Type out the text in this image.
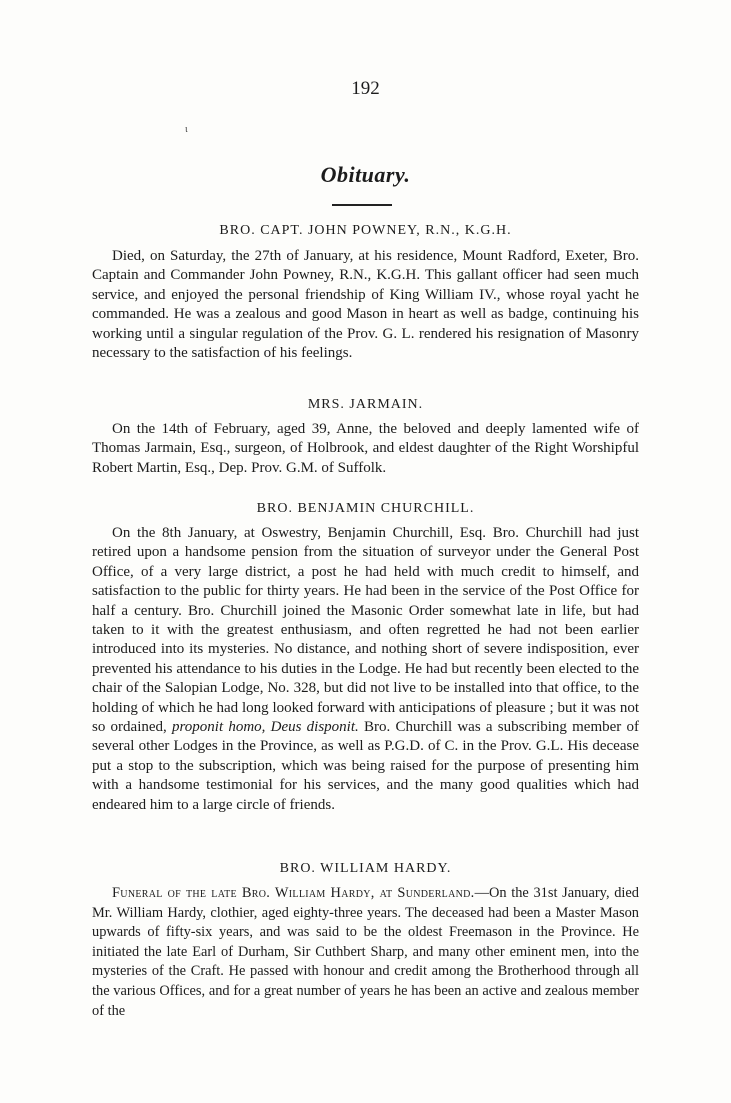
192
ι
Obituary.

BRO. CAPT. JOHN POWNEY, R.N., K.G.H.

Died, on Saturday, the 27th of January, at his residence, Mount Radford, Exeter, Bro. Captain and Commander John Powney, R.N., K.G.H. This gallant officer had seen much service, and enjoyed the personal friendship of King William IV., whose royal yacht he commanded. He was a zealous and good Mason in heart as well as badge, continuing his working until a singular regulation of the Prov. G. L. rendered his resignation of Masonry necessary to the satisfaction of his feelings.

MRS. JARMAIN.

On the 14th of February, aged 39, Anne, the beloved and deeply lamented wife of Thomas Jarmain, Esq., surgeon, of Holbrook, and eldest daughter of the Right Worshipful Robert Martin, Esq., Dep. Prov. G.M. of Suffolk.

BRO. BENJAMIN CHURCHILL.

On the 8th January, at Oswestry, Benjamin Churchill, Esq. Bro. Churchill had just retired upon a handsome pension from the situation of surveyor under the General Post Office, of a very large district, a post he had held with much credit to himself, and satisfaction to the public for thirty years. He had been in the service of the Post Office for half a century. Bro. Churchill joined the Masonic Order somewhat late in life, but had taken to it with the greatest enthusiasm, and often regretted he had not been earlier introduced into its mysteries. No distance, and nothing short of severe indisposition, ever prevented his attendance to his duties in the Lodge. He had but recently been elected to the chair of the Salopian Lodge, No. 328, but did not live to be installed into that office, to the holding of which he had long looked forward with anticipations of pleasure ; but it was not so ordained, proponit homo, Deus disponit. Bro. Churchill was a subscribing member of several other Lodges in the Province, as well as P.G.D. of C. in the Prov. G.L. His decease put a stop to the subscription, which was being raised for the purpose of presenting him with a handsome testimonial for his services, and the many good qualities which had endeared him to a large circle of friends.

BRO. WILLIAM HARDY.

Funeral of the late Bro. William Hardy, at Sunderland.—On the 31st January, died Mr. William Hardy, clothier, aged eighty-three years. The deceased had been a Master Mason upwards of fifty-six years, and was said to be the oldest Freemason in the Province. He initiated the late Earl of Durham, Sir Cuthbert Sharp, and many other eminent men, into the mysteries of the Craft. He passed with honour and credit among the Brotherhood through all the various Offices, and for a great number of years he has been an active and zealous member of the
